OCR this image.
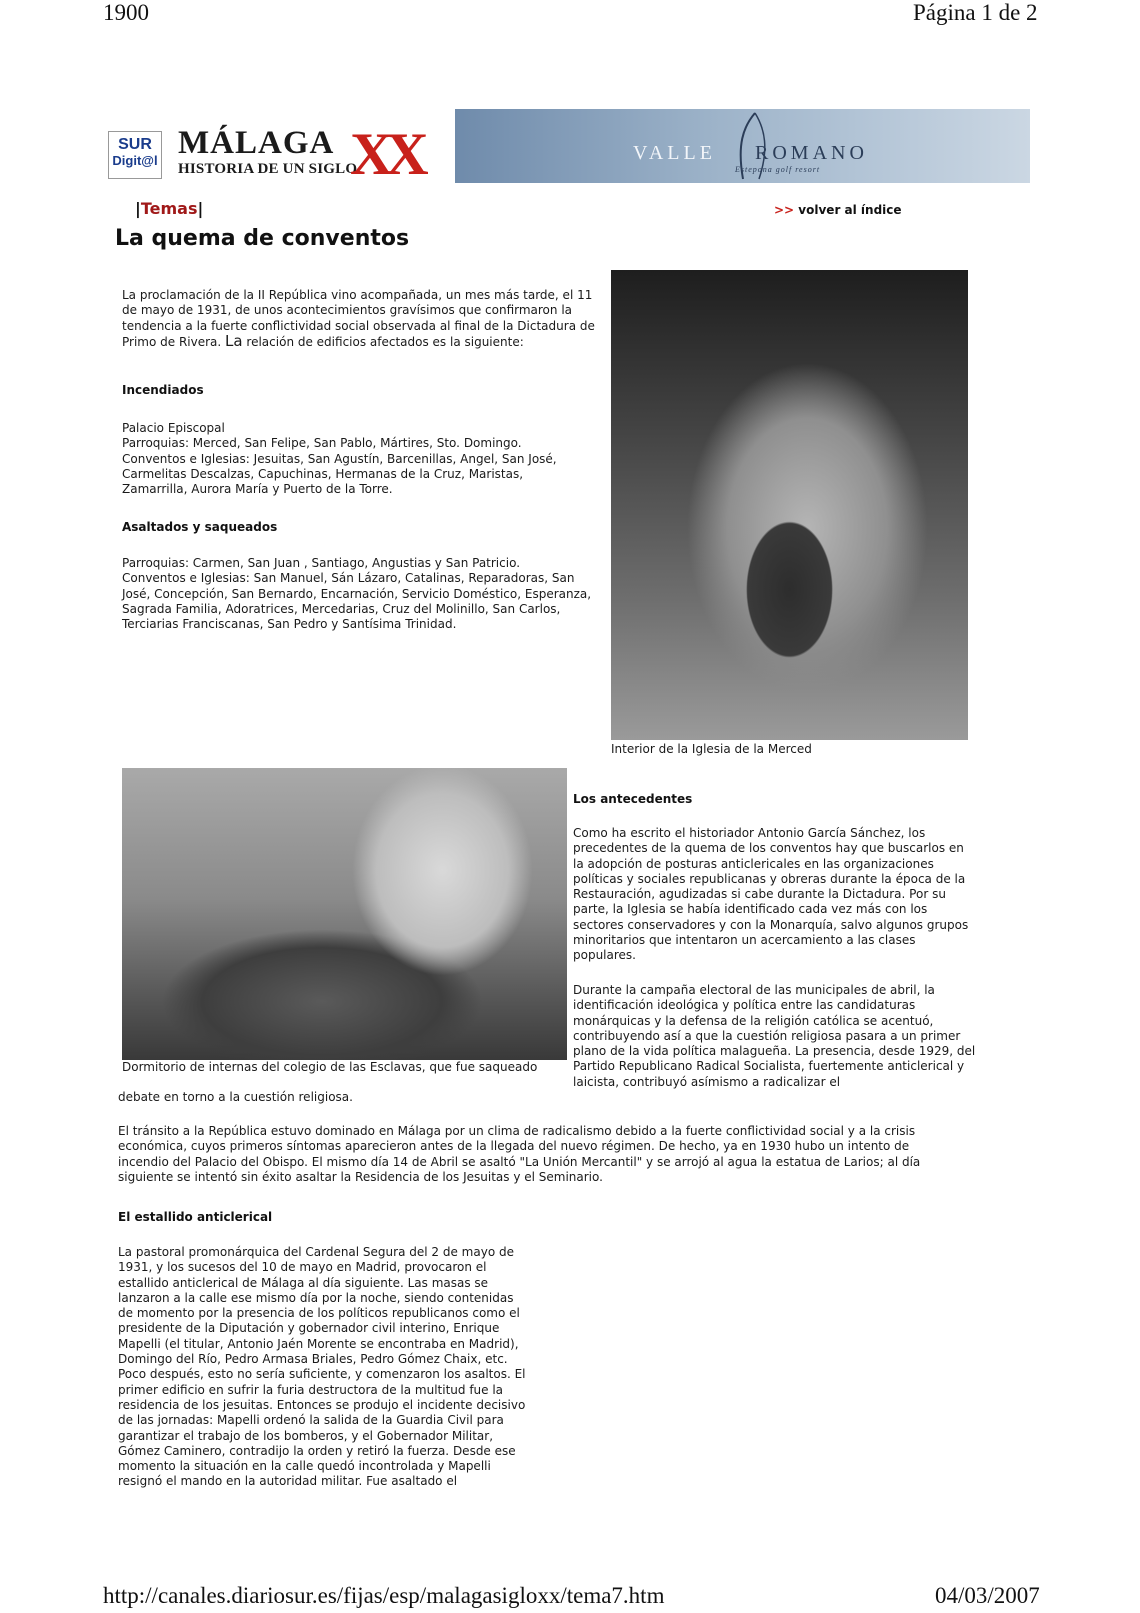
1900	Página 1 de 2
SUR
Digit@l MÁLAGA
HISTORIA DE UN SIGLO
XX	VALLE ROMANO
Estepona golf resort
|Temas|	>> volver al índice
La quema de conventos
La proclamación de la II República vino acompañada, un mes más tarde, el 11 de mayo de 1931, de unos acontecimientos gravísimos que confirmaron la tendencia a la fuerte conflictividad social observada al final de la Dictadura de Primo de Rivera. La relación de edificios afectados es la siguiente:
Incendiados

Palacio Episcopal

Parroquias: Merced, San Felipe, San Pablo, Mártires, Sto. Domingo.

Conventos e Iglesias: Jesuitas, San Agustín, Barcenillas, Angel, San José, Carmelitas Descalzas, Capuchinas, Hermanas de la Cruz, Maristas, Zamarrilla, Aurora María y Puerto de la Torre.

Asaltados y saqueados

Parroquias: Carmen, San Juan , Santiago, Angustias y San Patricio.

Conventos e Iglesias: San Manuel, Sán Lázaro, Catalinas, Reparadoras, San José, Concepción, San Bernardo, Encarnación, Servicio Doméstico, Esperanza, Sagrada Familia, Adoratrices, Mercedarias, Cruz del Molinillo, San Carlos, Terciarias Franciscanas, San Pedro y Santísima Trinidad.

Interior de la Iglesia de la Merced
Dormitorio de internas del colegio de las Esclavas, que fue saqueado
Los antecedentes
Como ha escrito el historiador Antonio García Sánchez, los precedentes de la quema de los conventos hay que buscarlos en la adopción de posturas anticlericales en las organizaciones políticas y sociales republicanas y obreras durante la época de la Restauración, agudizadas si cabe durante la Dictadura. Por su parte, la Iglesia se había identificado cada vez más con los sectores conservadores y con la Monarquía, salvo algunos grupos minoritarios que intentaron un acercamiento a las clases populares.
Durante la campaña electoral de las municipales de abril, la identificación ideológica y política entre las candidaturas monárquicas y la defensa de la religión católica se acentuó, contribuyendo así a que la cuestión religiosa pasara a un primer plano de la vida política malagueña. La presencia, desde 1929, del Partido Republicano Radical Socialista, fuertemente anticlerical y laicista, contribuyó asímismo a radicalizar el
debate en torno a la cuestión religiosa.
El tránsito a la República estuvo dominado en Málaga por un clima de radicalismo debido a la fuerte conflictividad social y a la crisis económica, cuyos primeros síntomas aparecieron antes de la llegada del nuevo régimen. De hecho, ya en 1930 hubo un intento de incendio del Palacio del Obispo. El mismo día 14 de Abril se asaltó "La Unión Mercantil" y se arrojó al agua la estatua de Larios; al día siguiente se intentó sin éxito asaltar la Residencia de los Jesuitas y el Seminario.
El estallido anticlerical
La pastoral promonárquica del Cardenal Segura del 2 de mayo de 1931, y los sucesos del 10 de mayo en Madrid, provocaron el estallido anticlerical de Málaga al día siguiente. Las masas se lanzaron a la calle ese mismo día por la noche, siendo contenidas de momento por la presencia de los políticos republicanos como el presidente de la Diputación y gobernador civil interino, Enrique Mapelli (el titular, Antonio Jaén Morente se encontraba en Madrid), Domingo del Río, Pedro Armasa Briales, Pedro Gómez Chaix, etc. Poco después, esto no sería suficiente, y comenzaron los asaltos. El primer edificio en sufrir la furia destructora de la multitud fue la residencia de los jesuitas. Entonces se produjo el incidente decisivo de las jornadas: Mapelli ordenó la salida de la Guardia Civil para garantizar el trabajo de los bomberos, y el Gobernador Militar, Gómez Caminero, contradijo la orden y retiró la fuerza. Desde ese momento la situación en la calle quedó incontrolada y Mapelli resignó el mando en la autoridad militar. Fue asaltado el
http://canales.diariosur.es/fijas/esp/malagasigloxx/tema7.htm	04/03/2007
